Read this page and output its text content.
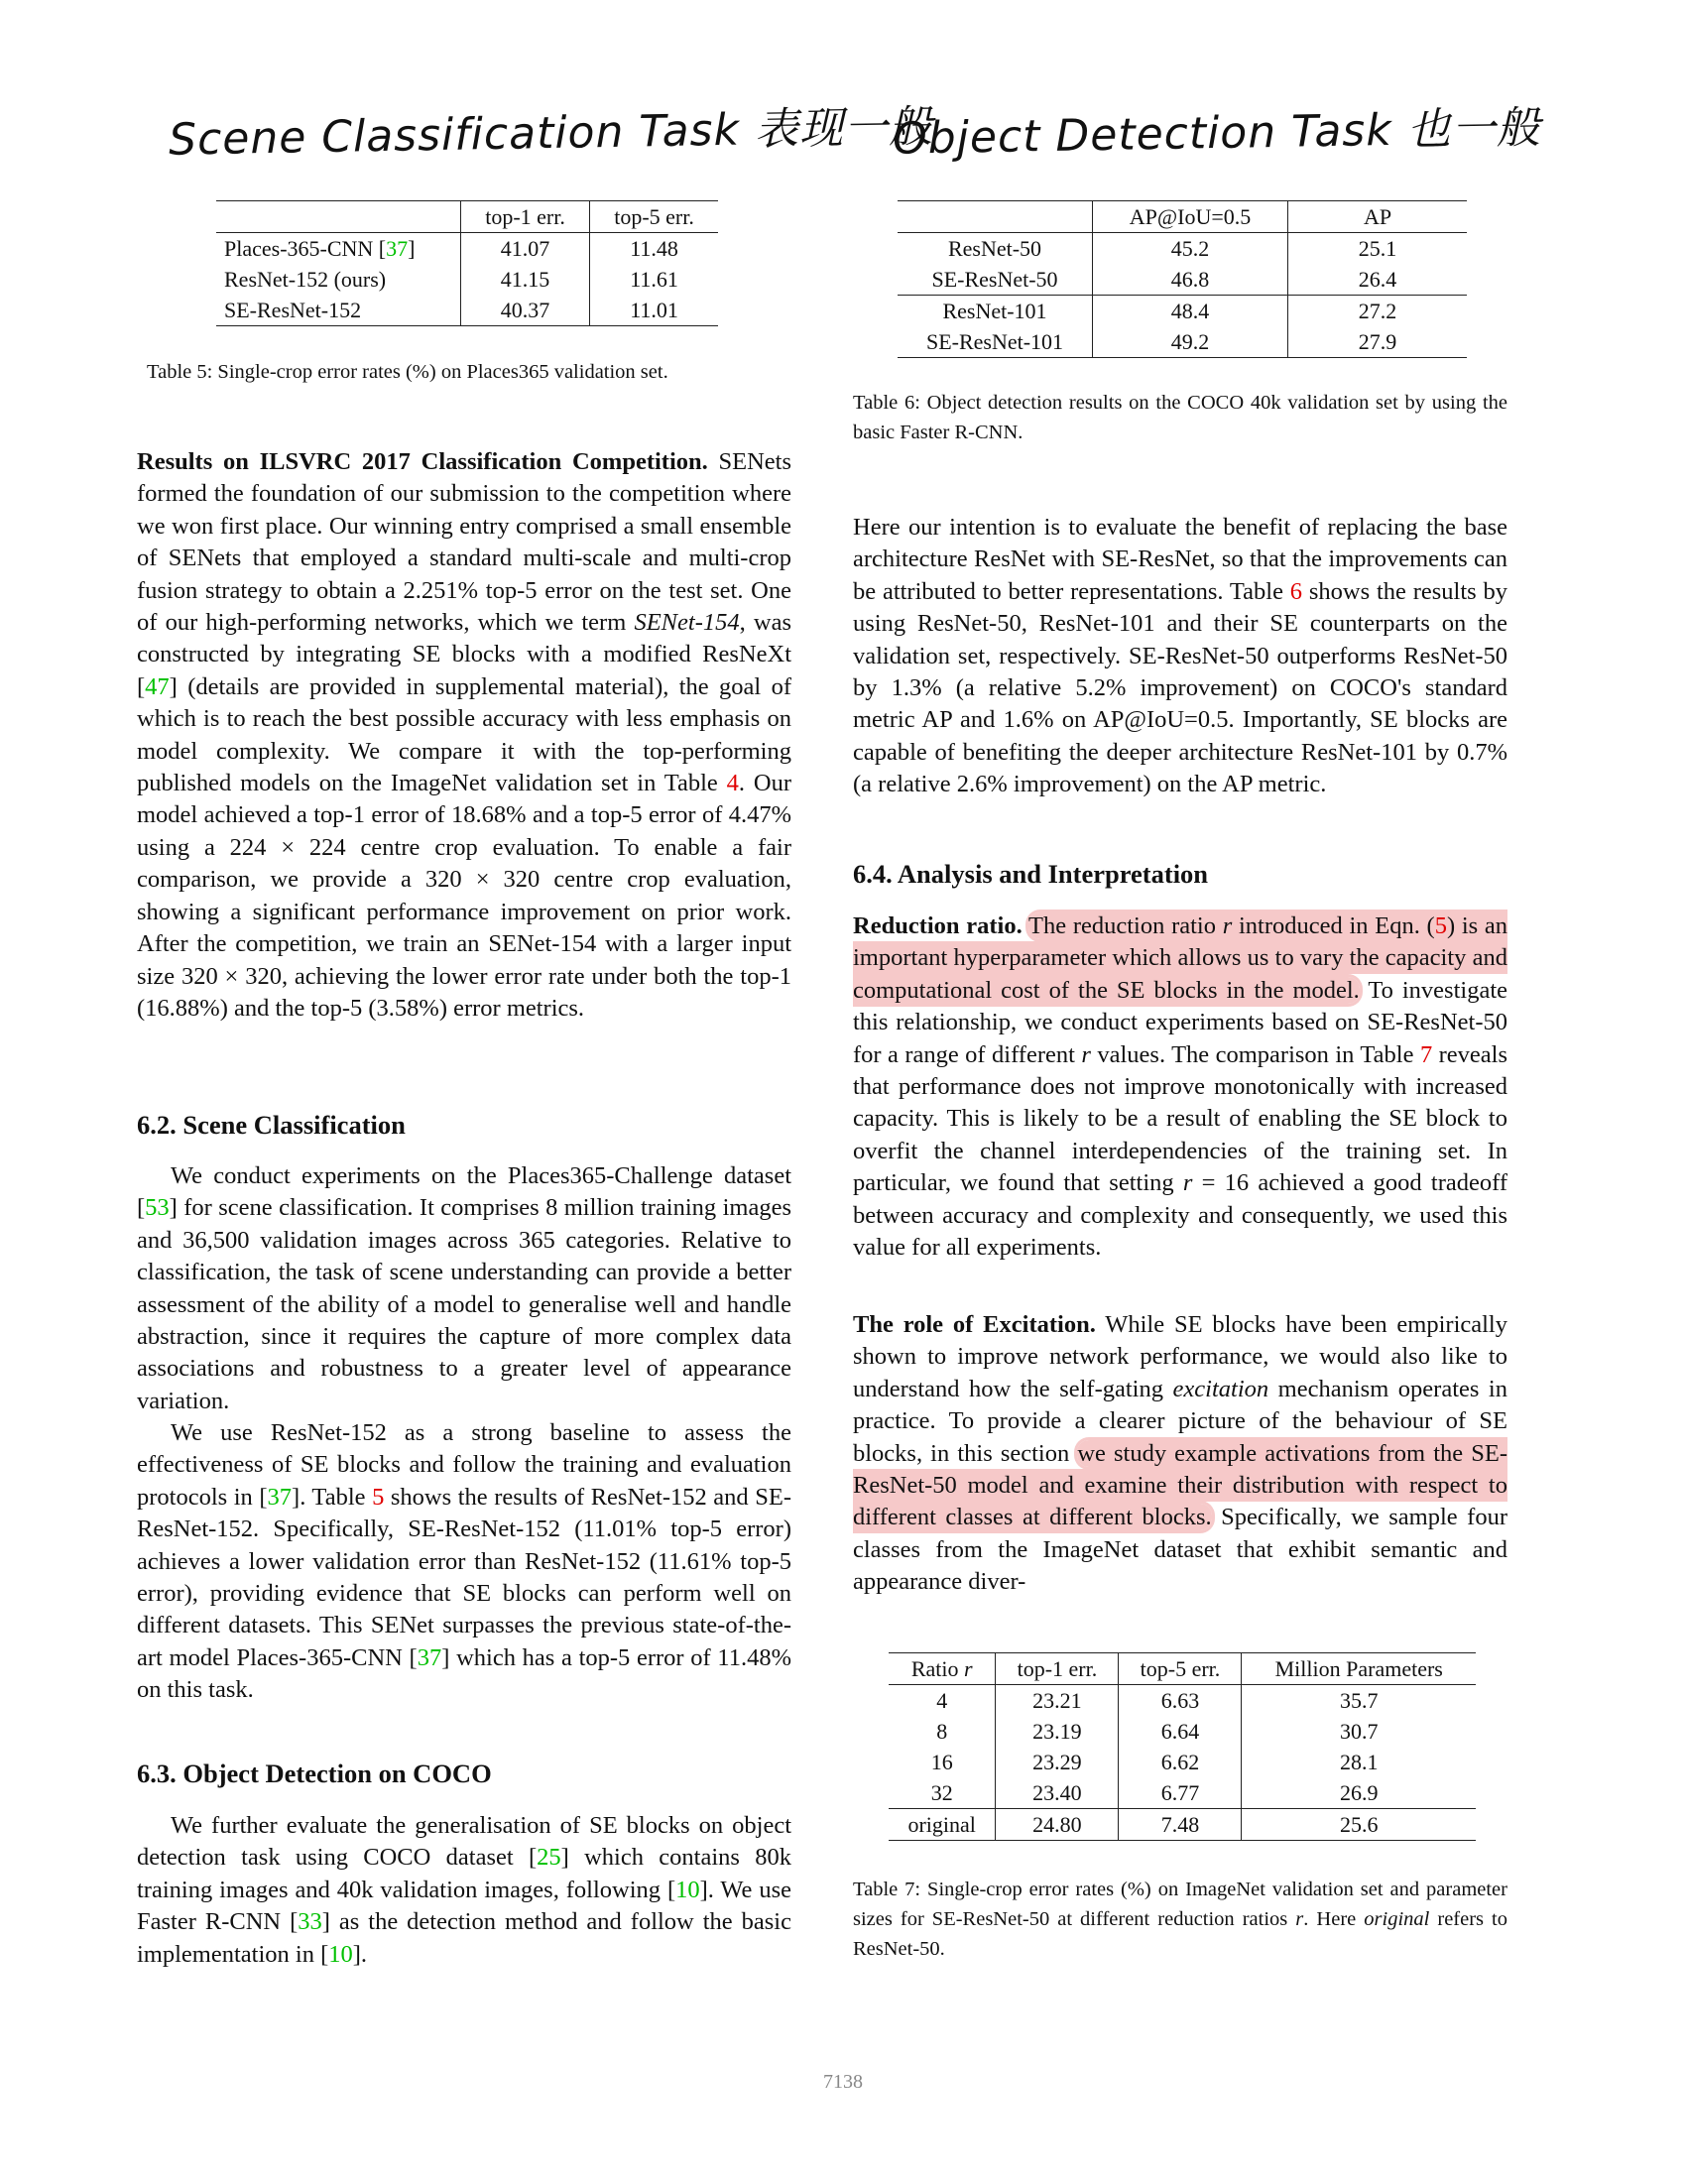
Scene Classification Task 表现一般
Object Detection Task 也一般
	top-1 err.	top-5 err.
Places-365-CNN [37]	41.07	11.48
ResNet-152 (ours)	41.15	11.61
SE-ResNet-152	40.37	11.01
Table 5: Single-crop error rates (%) on Places365 validation set.
	AP@IoU=0.5	AP
ResNet-50	45.2	25.1
SE-ResNet-50	46.8	26.4
ResNet-101	48.4	27.2
SE-ResNet-101	49.2	27.9
Table 6: Object detection results on the COCO 40k validation set by using the basic Faster R-CNN.
Results on ILSVRC 2017 Classification Competition. SENets formed the foundation of our submission to the competition where we won first place. Our winning entry comprised a small ensemble of SENets that employed a standard multi-scale and multi-crop fusion strategy to obtain a 2.251% top-5 error on the test set. One of our high-performing networks, which we term SENet-154, was constructed by integrating SE blocks with a modified ResNeXt [47] (details are provided in supplemental material), the goal of which is to reach the best possible accuracy with less emphasis on model complexity. We compare it with the top-performing published models on the ImageNet validation set in Table 4. Our model achieved a top-1 error of 18.68% and a top-5 error of 4.47% using a 224 × 224 centre crop evaluation. To enable a fair comparison, we provide a 320 × 320 centre crop evaluation, showing a significant performance improvement on prior work. After the competition, we train an SENet-154 with a larger input size 320 × 320, achieving the lower error rate under both the top-1 (16.88%) and the top-5 (3.58%) error metrics.
6.2. Scene Classification
We conduct experiments on the Places365-Challenge dataset [53] for scene classification. It comprises 8 million training images and 36,500 validation images across 365 categories. Relative to classification, the task of scene understanding can provide a better assessment of the ability of a model to generalise well and handle abstraction, since it requires the capture of more complex data associations and robustness to a greater level of appearance variation.
We use ResNet-152 as a strong baseline to assess the effectiveness of SE blocks and follow the training and evaluation protocols in [37]. Table 5 shows the results of ResNet-152 and SE-ResNet-152. Specifically, SE-ResNet-152 (11.01% top-5 error) achieves a lower validation error than ResNet-152 (11.61% top-5 error), providing evidence that SE blocks can perform well on different datasets. This SENet surpasses the previous state-of-the-art model Places-365-CNN [37] which has a top-5 error of 11.48% on this task.
6.3. Object Detection on COCO
We further evaluate the generalisation of SE blocks on object detection task using COCO dataset [25] which contains 80k training images and 40k validation images, following [10]. We use Faster R-CNN [33] as the detection method and follow the basic implementation in [10].
Here our intention is to evaluate the benefit of replacing the base architecture ResNet with SE-ResNet, so that the improvements can be attributed to better representations. Table 6 shows the results by using ResNet-50, ResNet-101 and their SE counterparts on the validation set, respectively. SE-ResNet-50 outperforms ResNet-50 by 1.3% (a relative 5.2% improvement) on COCO's standard metric AP and 1.6% on AP@IoU=0.5. Importantly, SE blocks are capable of benefiting the deeper architecture ResNet-101 by 0.7% (a relative 2.6% improvement) on the AP metric.
6.4. Analysis and Interpretation
Reduction ratio. The reduction ratio r introduced in Eqn. (5) is an important hyperparameter which allows us to vary the capacity and computational cost of the SE blocks in the model. To investigate this relationship, we conduct experiments based on SE-ResNet-50 for a range of different r values. The comparison in Table 7 reveals that performance does not improve monotonically with increased capacity. This is likely to be a result of enabling the SE block to overfit the channel interdependencies of the training set. In particular, we found that setting r = 16 achieved a good tradeoff between accuracy and complexity and consequently, we used this value for all experiments.
The role of Excitation. While SE blocks have been empirically shown to improve network performance, we would also like to understand how the self-gating excitation mechanism operates in practice. To provide a clearer picture of the behaviour of SE blocks, in this section we study example activations from the SE-ResNet-50 model and examine their distribution with respect to different classes at different blocks. Specifically, we sample four classes from the ImageNet dataset that exhibit semantic and appearance diver-
Ratio r	top-1 err.	top-5 err.	Million Parameters
4	23.21	6.63	35.7
8	23.19	6.64	30.7
16	23.29	6.62	28.1
32	23.40	6.77	26.9
original	24.80	7.48	25.6
Table 7: Single-crop error rates (%) on ImageNet validation set and parameter sizes for SE-ResNet-50 at different reduction ratios r. Here original refers to ResNet-50.
7138
